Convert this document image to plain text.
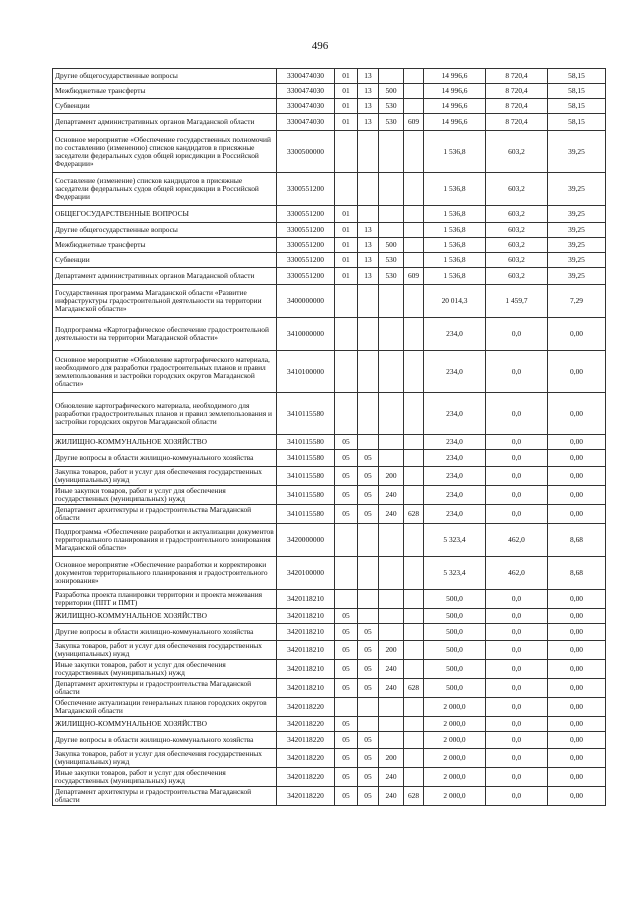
496
Другие общегосударственные вопросы	3300474030	01	13			14 996,6	8 720,4	58,15
Межбюджетные трансферты	3300474030	01	13	500		14 996,6	8 720,4	58,15
Субвенции	3300474030	01	13	530		14 996,6	8 720,4	58,15
Департамент административных органов Магаданской области	3300474030	01	13	530	609	14 996,6	8 720,4	58,15
Основное мероприятие «Обеспечение государственных полномочий по составлению (изменению) списков кандидатов в присяжные заседатели федеральных судов общей юрисдикции в Российской Федерации»	3300500000					1 536,8	603,2	39,25
Составление (изменение) списков кандидатов в присяжные заседатели федеральных судов общей юрисдикции в Российской Федерации	3300551200					1 536,8	603,2	39,25
ОБЩЕГОСУДАРСТВЕННЫЕ ВОПРОСЫ	3300551200	01				1 536,8	603,2	39,25
Другие общегосударственные вопросы	3300551200	01	13			1 536,8	603,2	39,25
Межбюджетные трансферты	3300551200	01	13	500		1 536,8	603,2	39,25
Субвенции	3300551200	01	13	530		1 536,8	603,2	39,25
Департамент административных органов Магаданской области	3300551200	01	13	530	609	1 536,8	603,2	39,25
Государственная программа Магаданской области «Развитие инфраструктуры градостроительной деятельности на территории Магаданской области»	3400000000					20 014,3	1 459,7	7,29
Подпрограмма «Картографическое обеспечение градостроительной деятельности на территории Магаданской области»	3410000000					234,0	0,0	0,00
Основное мероприятие «Обновление картографического материала, необходимого для разработки градостроительных планов и правил землепользования и застройки городских округов Магаданской области»	3410100000					234,0	0,0	0,00
Обновление картографического материала, необходимого для разработки градостроительных планов и правил землепользования и застройки городских округов Магаданской области	3410115580					234,0	0,0	0,00
ЖИЛИЩНО-КОММУНАЛЬНОЕ ХОЗЯЙСТВО	3410115580	05				234,0	0,0	0,00
Другие вопросы в области жилищно-коммунального хозяйства	3410115580	05	05			234,0	0,0	0,00
Закупка товаров, работ и услуг для обеспечения государственных (муниципальных) нужд	3410115580	05	05	200		234,0	0,0	0,00
Иные закупки товаров, работ и услуг для обеспечения государственных (муниципальных) нужд	3410115580	05	05	240		234,0	0,0	0,00
Департамент архитектуры и градостроительства Магаданской области	3410115580	05	05	240	628	234,0	0,0	0,00
Подпрограмма «Обеспечение разработки и актуализации документов территориального планирования и градостроительного зонирования Магаданской области»	3420000000					5 323,4	462,0	8,68
Основное мероприятие «Обеспечение разработки и корректировки документов территориального планирования и градостроительного зонирования»	3420100000					5 323,4	462,0	8,68
Разработка проекта планировки территории и проекта межевания территории (ППТ и ПМТ)	3420118210					500,0	0,0	0,00
ЖИЛИЩНО-КОММУНАЛЬНОЕ ХОЗЯЙСТВО	3420118210	05				500,0	0,0	0,00
Другие вопросы в области жилищно-коммунального хозяйства	3420118210	05	05			500,0	0,0	0,00
Закупка товаров, работ и услуг для обеспечения государственных (муниципальных) нужд	3420118210	05	05	200		500,0	0,0	0,00
Иные закупки товаров, работ и услуг для обеспечения государственных (муниципальных) нужд	3420118210	05	05	240		500,0	0,0	0,00
Департамент архитектуры и градостроительства Магаданской области	3420118210	05	05	240	628	500,0	0,0	0,00
Обеспечение актуализации генеральных планов городских округов Магаданской области	3420118220					2 000,0	0,0	0,00
ЖИЛИЩНО-КОММУНАЛЬНОЕ ХОЗЯЙСТВО	3420118220	05				2 000,0	0,0	0,00
Другие вопросы в области жилищно-коммунального хозяйства	3420118220	05	05			2 000,0	0,0	0,00
Закупка товаров, работ и услуг для обеспечения государственных (муниципальных) нужд	3420118220	05	05	200		2 000,0	0,0	0,00
Иные закупки товаров, работ и услуг для обеспечения государственных (муниципальных) нужд	3420118220	05	05	240		2 000,0	0,0	0,00
Департамент архитектуры и градостроительства Магаданской области	3420118220	05	05	240	628	2 000,0	0,0	0,00
